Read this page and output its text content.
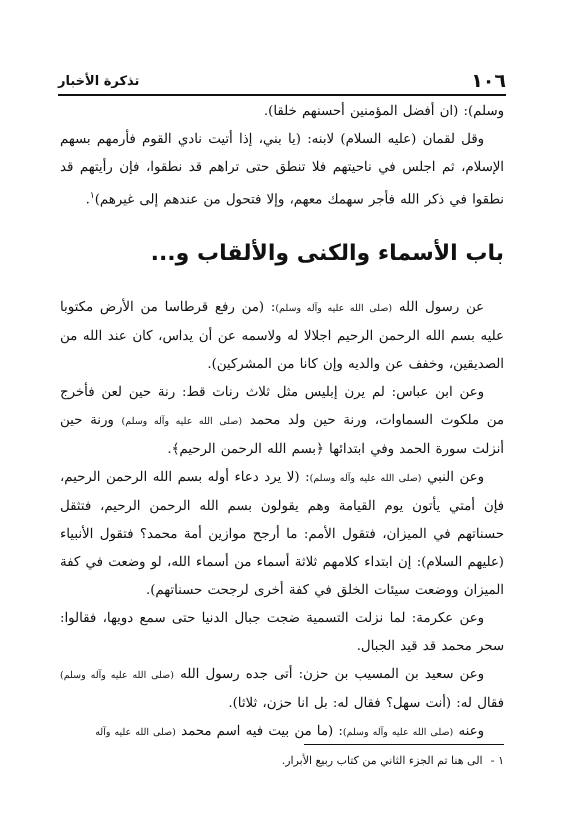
١٠٦
تذكرة الأخبار

وسلم): (ان أفضل المؤمنين أحسنهم خلقا).

وقل لقمان (عليه السلام) لابنه: (يا بني، إذا أتيت نادي القوم فأرمهم بسهم الإسلام، ثم اجلس في ناحيتهم فلا تنطق حتى تراهم قد نطقوا، فإن رأيتهم قد نطقوا في ذكر الله فأجر سهمك معهم، وإلا فتحول من عندهم إلى غيرهم)$^١$.

باب الأسماء والكنى والألقاب و...

عن رسول الله (صلى الله عليه وآله وسلم): (من رفع قرطاسا من الأرض مكتوبا عليه بسم الله الرحمن الرحيم اجلالا له ولاسمه عن أن يداس، كان عند الله من الصديقين، وخفف عن والديه وإن كانا من المشركين).

وعن ابن عباس: لم يرن إبليس مثل ثلاث رنات قط: رنة حين لعن فأخرج من ملكوت السماوات، ورنة حين ولد محمد (صلى الله عليه وآله وسلم) ورنة حين أنزلت سورة الحمد وفي ابتدائها ﴿بسم الله الرحمن الرحيم﴾.

وعن النبي (صلى الله عليه وآله وسلم): (لا يرد دعاء أوله بسم الله الرحمن الرحيم، فإن أمتي يأتون يوم القيامة وهم يقولون بسم الله الرحمن الرحيم، فتثقل حسناتهم في الميزان، فتقول الأمم: ما أرجح موازين أمة محمد؟ فتقول الأنبياء (عليهم السلام): إن ابتداء كلامهم ثلاثة أسماء من أسماء الله، لو وضعت في كفة الميزان ووضعت سيئات الخلق في كفة أخرى لرجحت حسناتهم).

وعن عكرمة: لما نزلت التسمية ضجت جبال الدنيا حتى سمع دويها، فقالوا: سحر محمد قد قيد الجبال.

وعن سعيد بن المسيب بن حزن: أتى جده رسول الله (صلى الله عليه وآله وسلم) فقال له: (أنت سهل؟ فقال له: بل انا حزن، ثلاثا).

وعنه (صلى الله عليه وآله وسلم): (ما من بيت فيه اسم محمد (صلى الله عليه وآله

١ -الى هنا تم الجزء الثاني من كتاب ربيع الأبرار.
